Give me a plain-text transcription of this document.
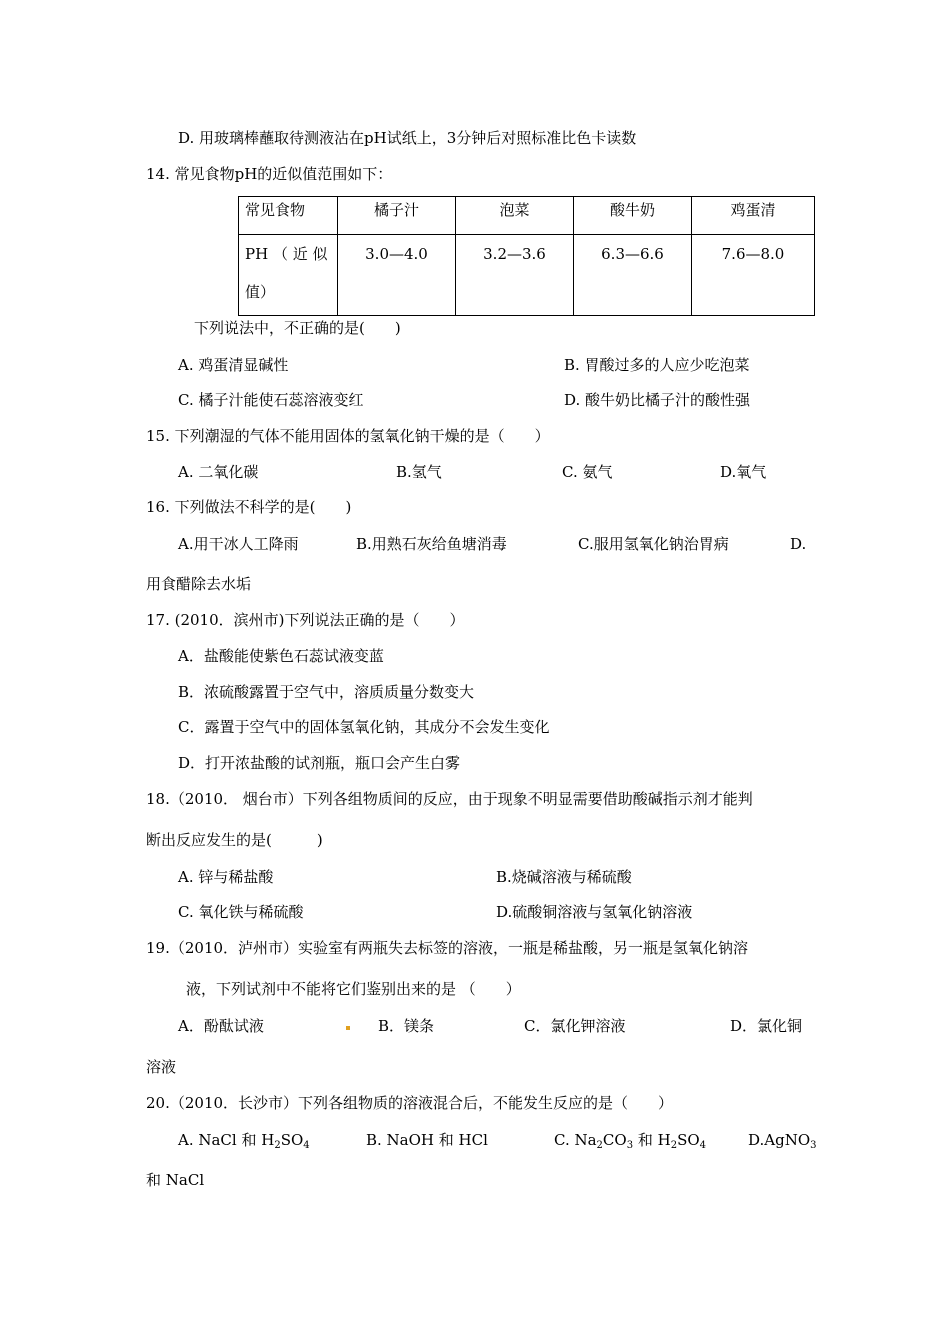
D. 用玻璃棒蘸取待测液沾在pH试纸上，3分钟后对照标准比色卡读数
14. 常见食物pH的近似值范围如下：
常见食物	橘子汁	泡菜	酸牛奶	鸡蛋清

PH （ 近 似
值）	3.0—4.0	3.2—3.6	6.3—6.6	7.6—8.0
下列说法中，不正确的是(　　)
A. 鸡蛋清显碱性	B. 胃酸过多的人应少吃泡菜
C. 橘子汁能使石蕊溶液变红	D. 酸牛奶比橘子汁的酸性强
15. 下列潮湿的气体不能用固体的氢氧化钠干燥的是（　　）
A. 二氧化碳	B.氢气	C. 氨气	D.氧气
16. 下列做法不科学的是(　　)
A.用干冰人工降雨	B.用熟石灰给鱼塘消毒	C.服用氢氧化钠治胃病	D.
用食醋除去水垢
17. (2010．滨州市)下列说法正确的是（　　）
A．盐酸能使紫色石蕊试液变蓝
B．浓硫酸露置于空气中，溶质质量分数变大
C．露置于空气中的固体氢氧化钠，其成分不会发生变化
D．打开浓盐酸的试剂瓶，瓶口会产生白雾
18.（2010． 烟台市）下列各组物质间的反应，由于现象不明显需要借助酸碱指示剂才能判
断出反应发生的是(　　　)
A. 锌与稀盐酸	B.烧碱溶液与稀硫酸
C. 氧化铁与稀硫酸	D.硫酸铜溶液与氢氧化钠溶液
19.（2010．泸州市）实验室有两瓶失去标签的溶液，一瓶是稀盐酸，另一瓶是氢氧化钠溶
液，下列试剂中不能将它们鉴别出来的是 （　　）
A．酚酞试液	B．镁条	C．氯化钾溶液	D．氯化铜
溶液
20.（2010．长沙市）下列各组物质的溶液混合后，不能发生反应的是（　　）
A. NaCl 和 $H_2SO_4$	B. NaOH 和 HCl	C. $Na_2CO_3$ 和 $H_2SO_4$	D.AgNO$_3$
和 NaCl
